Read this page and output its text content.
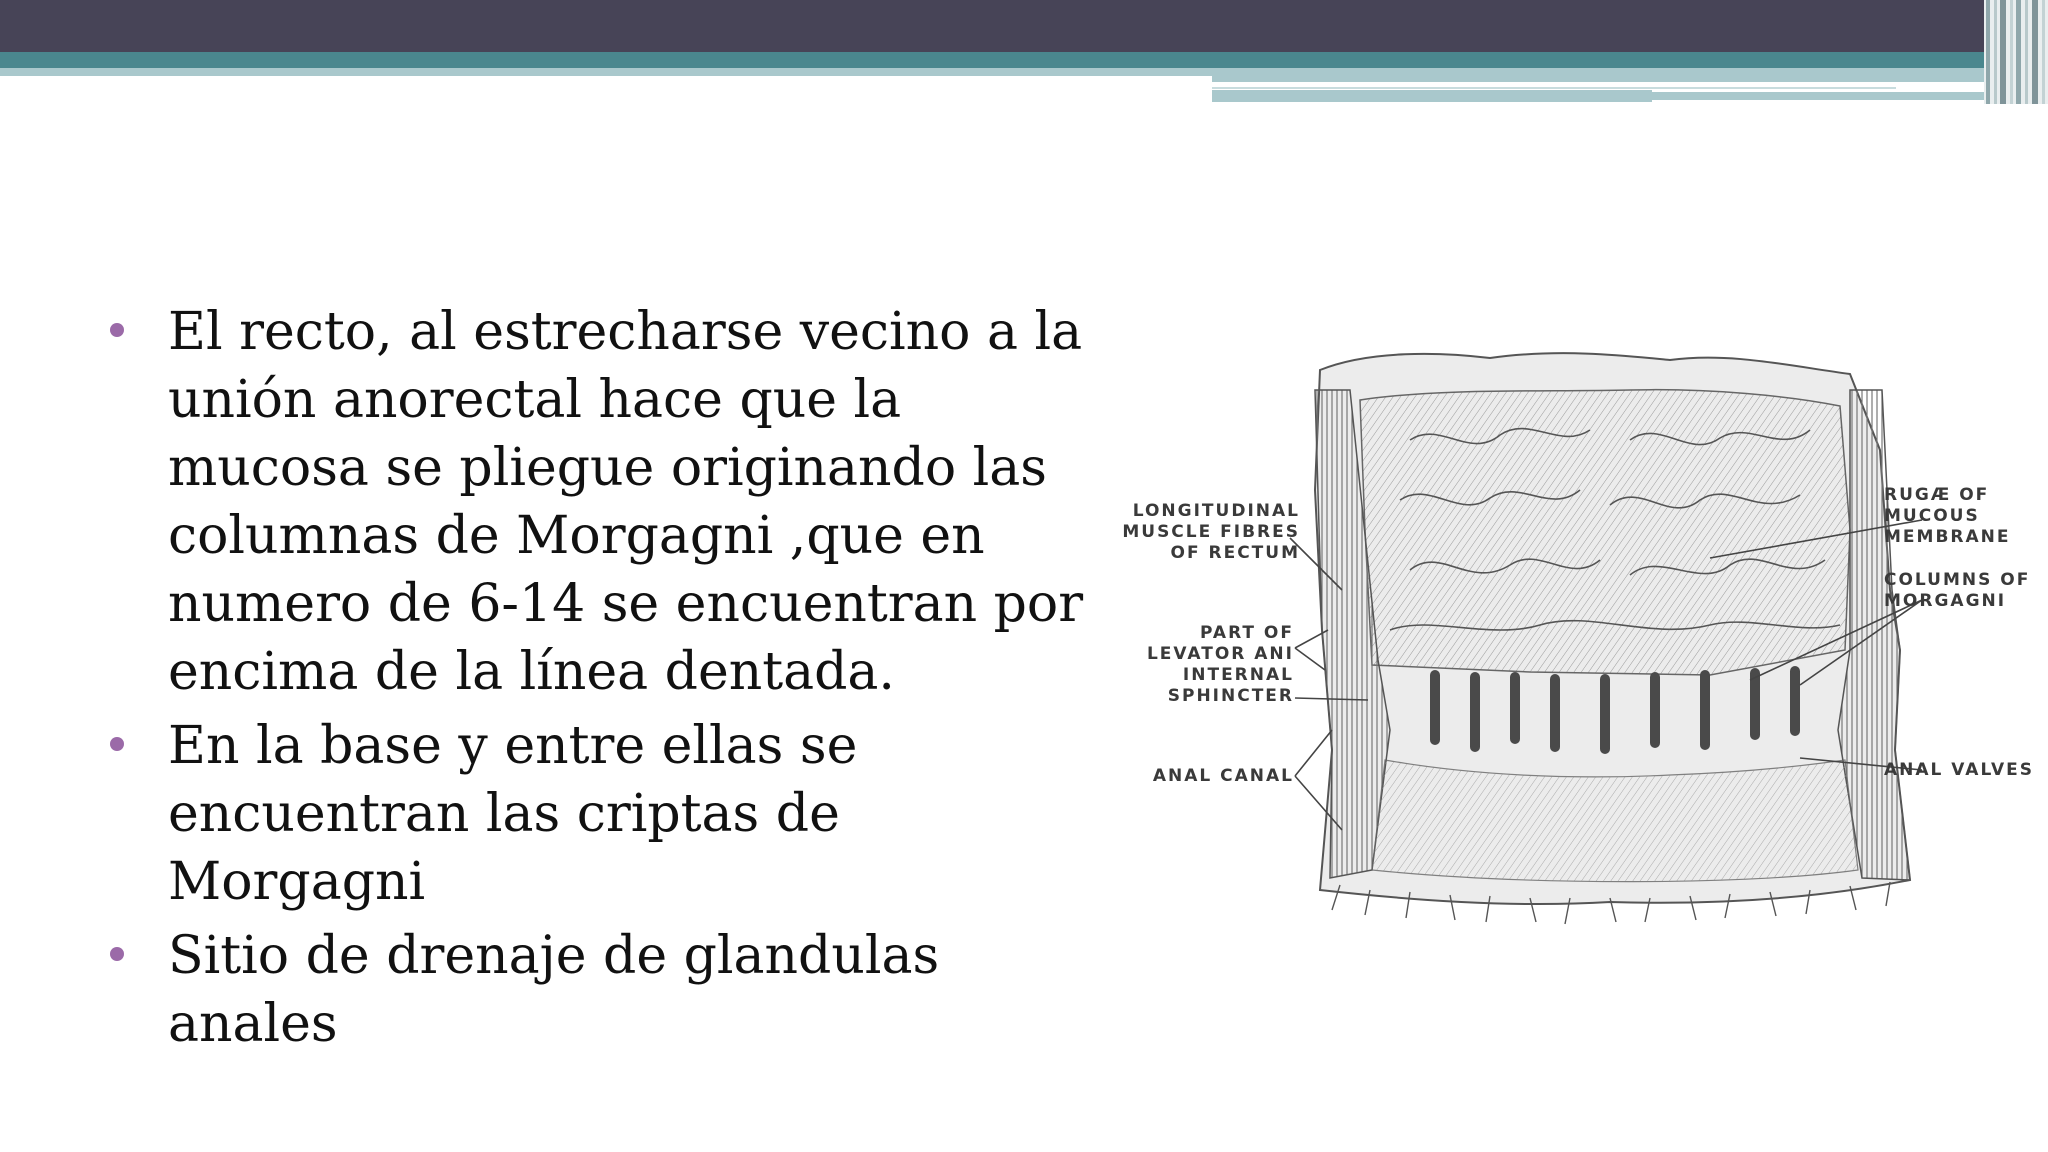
El recto, al estrecharse vecino a la unión anorectal hace que la mucosa se pliegue originando las columnas de Morgagni ,que en numero de 6-14 se encuentran por encima de la línea dentada.
En la base y entre ellas se encuentran las criptas de Morgagni
Sitio de drenaje de glandulas anales
LONGITUDINAL
MUSCLE FIBRES
OF RECTUM
PART OF
LEVATOR ANI
INTERNAL
SPHINCTER
ANAL CANAL
RUGÆ OF
MUCOUS
MEMBRANE
COLUMNS OF
MORGAGNI
ANAL VALVES
